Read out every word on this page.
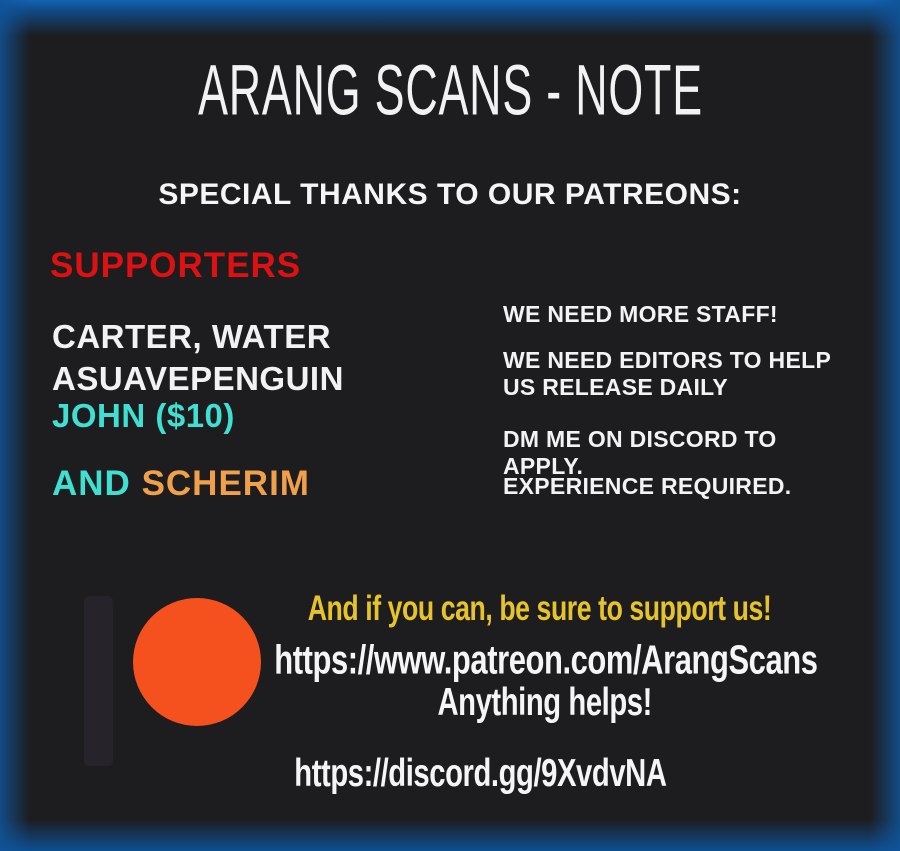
ARANG SCANS - NOTE
SPECIAL THANKS TO OUR PATREONS:
SUPPORTERS
CARTER, WATER
ASUAVEPENGUIN
JOHN ($10)
AND SCHERIM
WE NEED MORE STAFF!
WE NEED EDITORS TO HELP US RELEASE DAILY
DM ME ON DISCORD TO APPLY.
EXPERIENCE REQUIRED.
And if you can, be sure to support us!
https://www.patreon.com/ArangScans
Anything helps!
https://discord.gg/9XvdvNA
